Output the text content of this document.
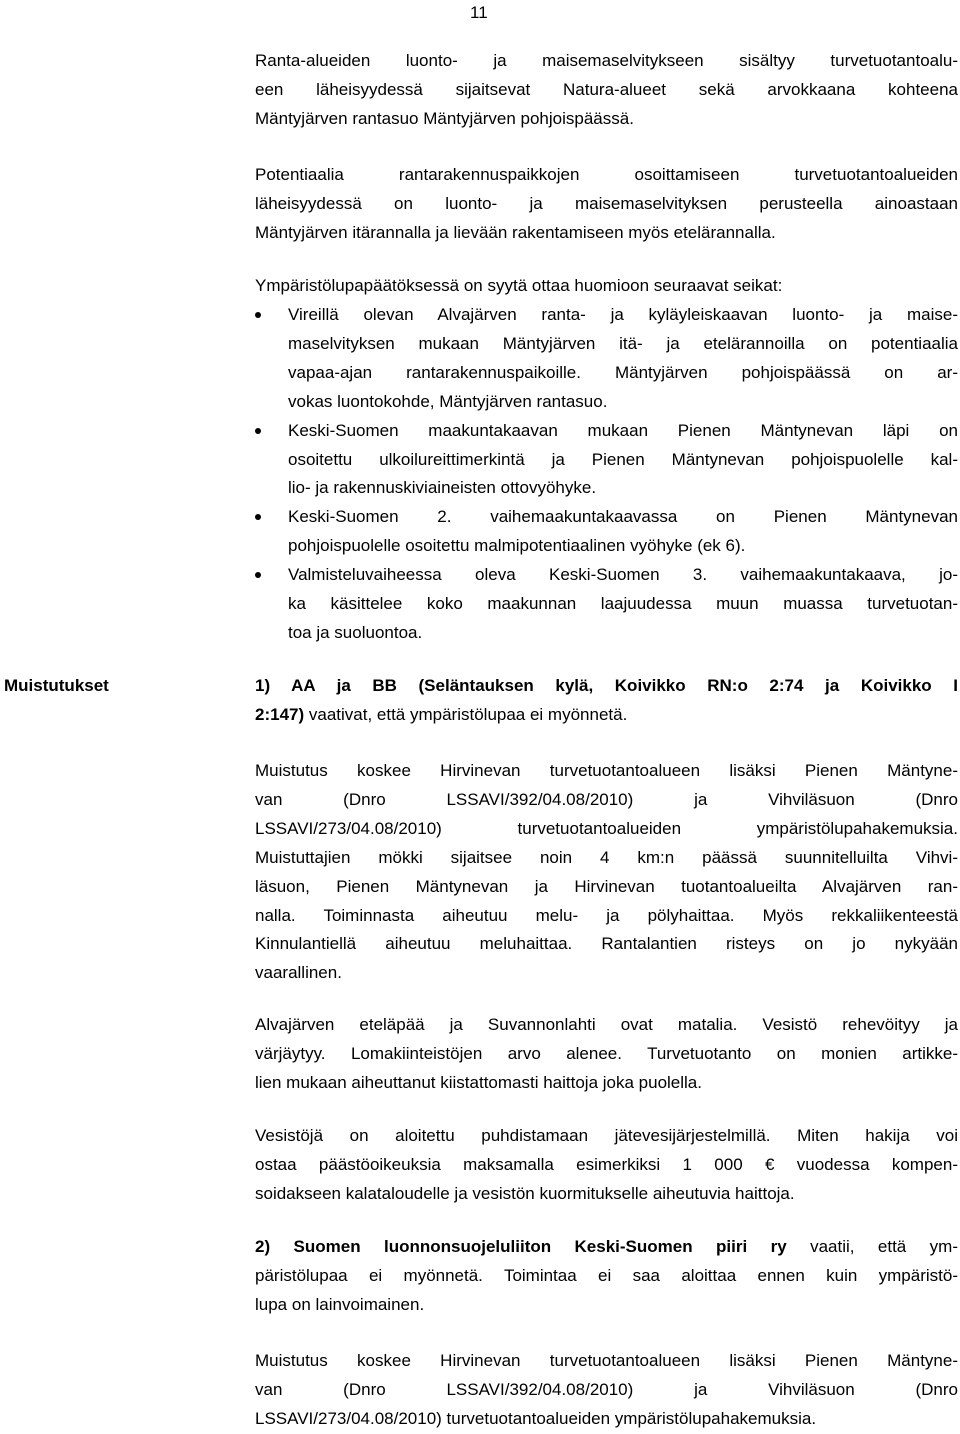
11
Ranta-alueiden luonto- ja maisemaselvitykseen sisältyy turvetuotantoalu-
een läheisyydessä sijaitsevat Natura-alueet sekä arvokkaana kohteena
Mäntyjärven rantasuo Mäntyjärven pohjoispäässä.
Potentiaalia rantarakennuspaikkojen osoittamiseen turvetuotantoalueiden
läheisyydessä on luonto- ja maisemaselvityksen perusteella ainoastaan
Mäntyjärven itärannalla ja lievään rakentamiseen myös etelärannalla.
Ympäristölupapäätöksessä on syytä ottaa huomioon seuraavat seikat:
Vireillä olevan Alvajärven ranta- ja kyläyleiskaavan luonto- ja maise-
maselvityksen mukaan Mäntyjärven itä- ja etelärannoilla on potentiaalia
vapaa-ajan rantarakennuspaikoille. Mäntyjärven pohjoispäässä on ar-
vokas luontokohde, Mäntyjärven rantasuo.
Keski-Suomen maakuntakaavan mukaan Pienen Mäntynevan läpi on
osoitettu ulkoilureittimerkintä ja Pienen Mäntynevan pohjoispuolelle kal-
lio- ja rakennuskiviaineisten ottovyöhyke.
Keski-Suomen 2. vaihemaakuntakaavassa on Pienen Mäntynevan
pohjoispuolelle osoitettu malmipotentiaalinen vyöhyke (ek 6).
Valmisteluvaiheessa oleva Keski-Suomen 3. vaihemaakuntakaava, jo-
ka käsittelee koko maakunnan laajuudessa muun muassa turvetuotan-
toa ja suoluontoa.
Muistutukset	1) AA ja BB (Seläntauksen kylä, Koivikko RN:o 2:74 ja Koivikko I
2:147) vaativat, että ympäristölupaa ei myönnetä.
Muistutus koskee Hirvinevan turvetuotantoalueen lisäksi Pienen Mäntyne-
van (Dnro LSSAVI/392/04.08/2010) ja Vihviläsuon (Dnro
LSSAVI/273/04.08/2010) turvetuotantoalueiden ympäristölupahakemuksia.
Muistuttajien mökki sijaitsee noin 4 km:n päässä suunnitelluilta Vihvi-
läsuon, Pienen Mäntynevan ja Hirvinevan tuotantoalueilta Alvajärven ran-
nalla. Toiminnasta aiheutuu melu- ja pölyhaittaa. Myös rekkaliikenteestä
Kinnulantiellä aiheutuu meluhaittaa. Rantalantien risteys on jo nykyään
vaarallinen.
Alvajärven eteläpää ja Suvannonlahti ovat matalia. Vesistö rehevöityy ja
värjäytyy. Lomakiinteistöjen arvo alenee. Turvetuotanto on monien artikke-
lien mukaan aiheuttanut kiistattomasti haittoja joka puolella.
Vesistöjä on aloitettu puhdistamaan jätevesijärjestelmillä. Miten hakija voi
ostaa päästöoikeuksia maksamalla esimerkiksi 1 000 € vuodessa kompen-
soidakseen kalataloudelle ja vesistön kuormitukselle aiheutuvia haittoja.
2) Suomen luonnonsuojeluliiton Keski-Suomen piiri ry vaatii, että ym-
päristölupaa ei myönnetä. Toimintaa ei saa aloittaa ennen kuin ympäristö-
lupa on lainvoimainen.
Muistutus koskee Hirvinevan turvetuotantoalueen lisäksi Pienen Mäntyne-
van (Dnro LSSAVI/392/04.08/2010) ja Vihviläsuon (Dnro
LSSAVI/273/04.08/2010) turvetuotantoalueiden ympäristölupahakemuksia.
